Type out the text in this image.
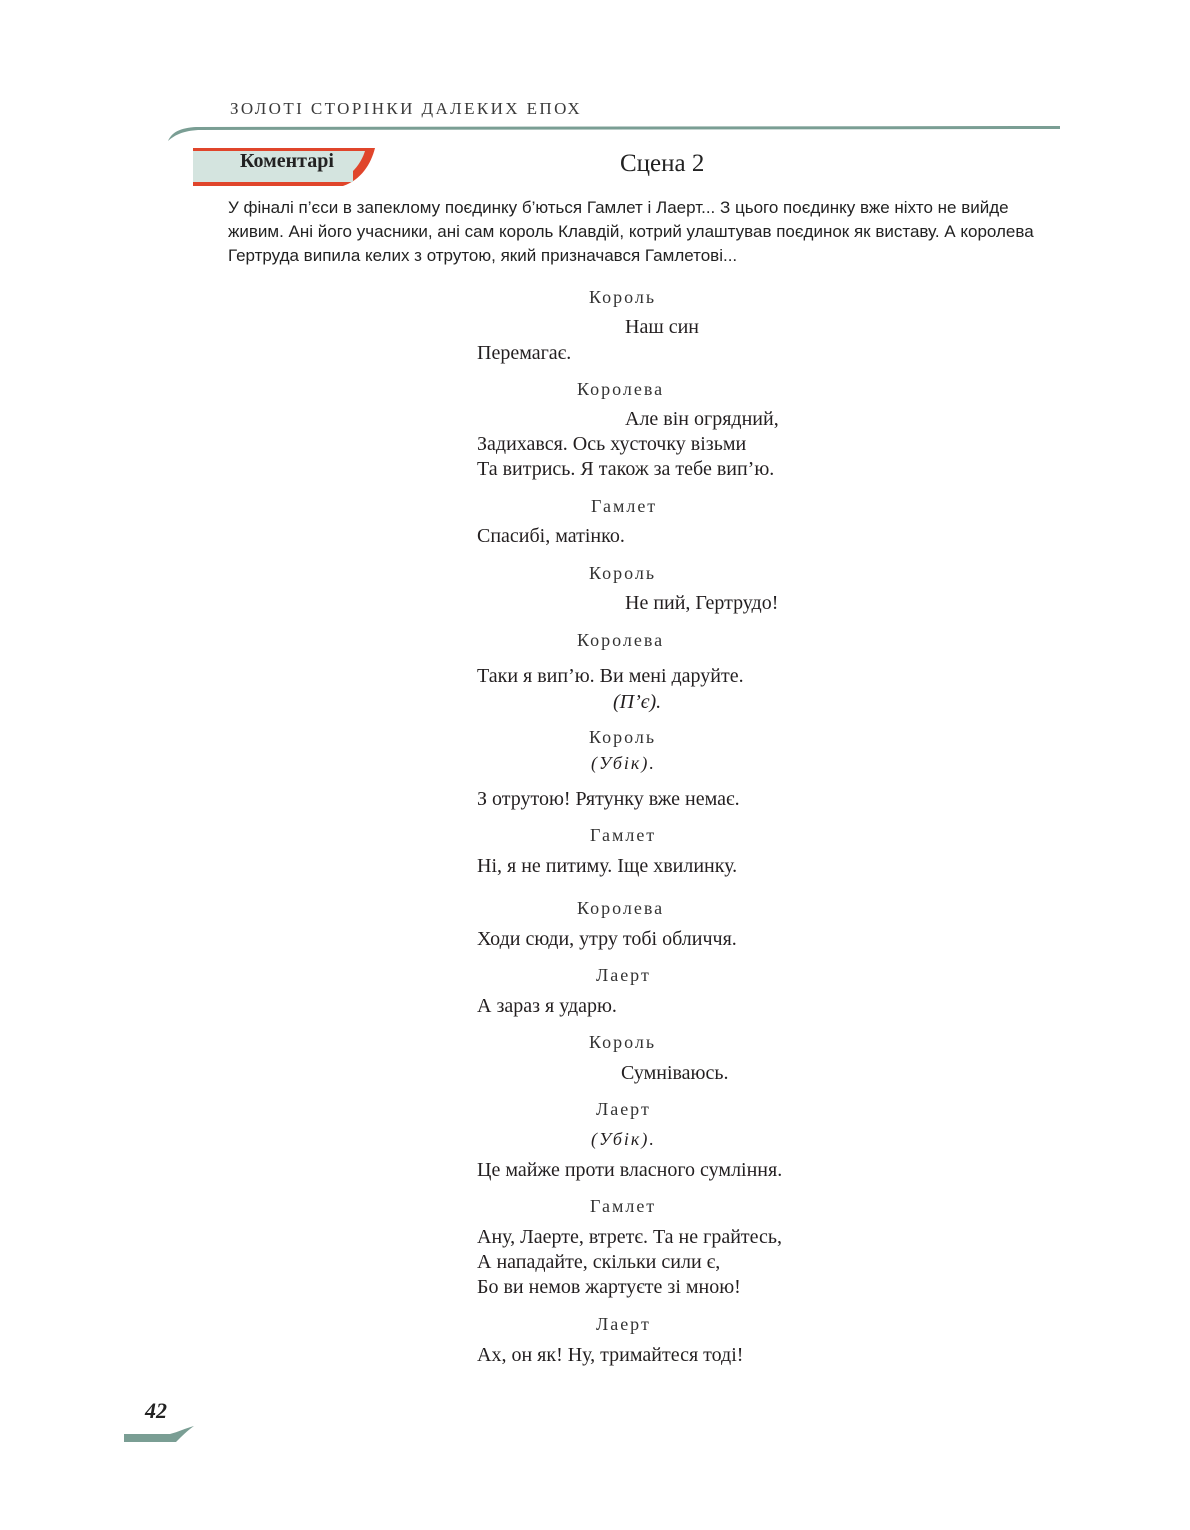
ЗОЛОТІ СТОРІНКИ ДАЛЕКИХ ЕПОХ
Коментарі	Сцена 2
У фіналі п’єси в запеклому поєдинку б’ються Гамлет і Лаерт... З цього поєдинку вже ніхто не вийде живим. Ані його учасники, ані сам король Клавдій, котрий улаштував поєдинок як виставу. А королева Гертруда випила келих з отрутою, який призначався Гамлетові...
Король
Наш син
Перемагає.
Королева
Але він огрядний,
Задихався. Ось хусточку візьми
Та витрись. Я також за тебе вип’ю.
Гамлет
Спасибі, матінко.
Король
Не пий, Гертрудо!
Королева
Таки я вип’ю. Ви мені даруйте.
(П’є).
Король
(Убік).
З отрутою! Рятунку вже немає.
Гамлет
Ні, я не питиму. Іще хвилинку.
Королева
Ходи сюди, утру тобі обличчя.
Лаерт
А зараз я ударю.
Король
Сумніваюсь.
Лаерт
(Убік).
Це майже проти власного сумління.
Гамлет
Ану, Лаерте, втретє. Та не грайтесь,
А нападайте, скільки сили є,
Бо ви немов жартуєте зі мною!
Лаерт
Ах, он як! Ну, тримайтеся тоді!
42
